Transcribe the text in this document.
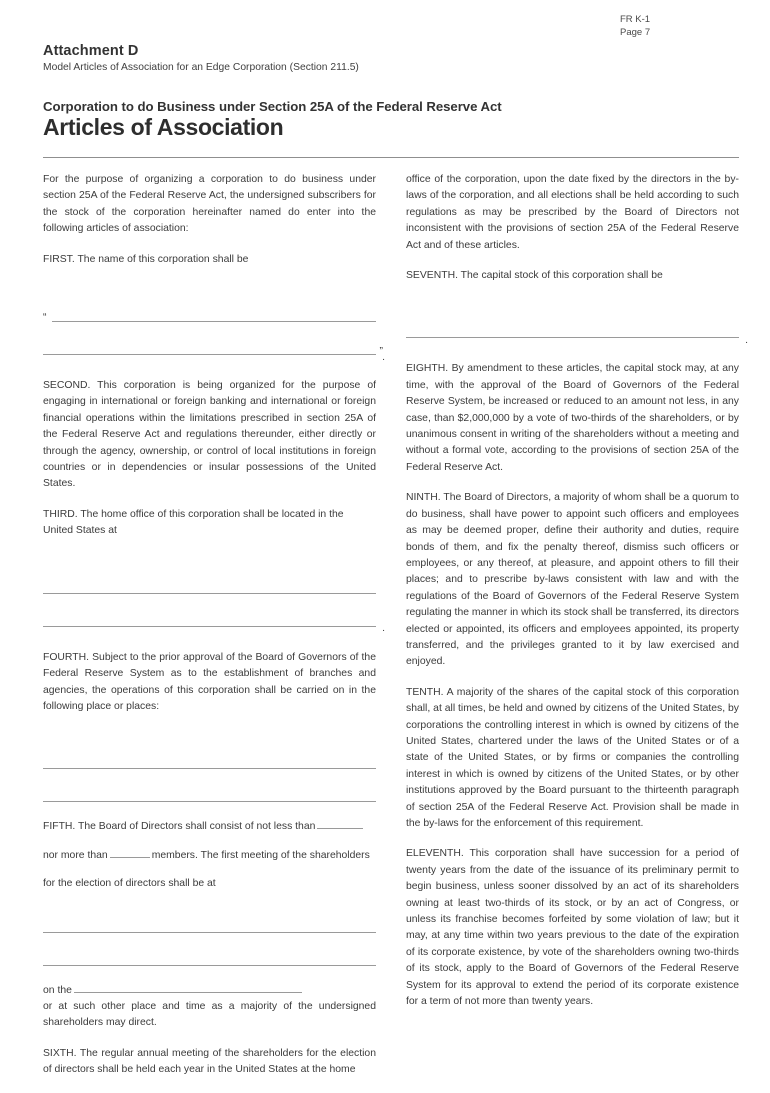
FR K-1
Page 7

Attachment D

Model Articles of Association for an Edge Corporation (Section 211.5)

Corporation to do Business under Section 25A of the Federal Reserve Act

Articles of Association

For the purpose of organizing a corporation to do business under section 25A of the Federal Reserve Act, the undersigned subscribers for the stock of the corporation hereinafter named do enter into the following articles of association:

FIRST. The name of this corporation shall be

“
”
.

SECOND. This corporation is being organized for the purpose of engaging in international or foreign banking and international or foreign financial operations within the limitations prescribed in section 25A of the Federal Reserve Act and regulations thereunder, either directly or through the agency, ownership, or control of local institutions in foreign countries or in dependencies or insular possessions of the United States.

THIRD. The home office of this corporation shall be located in the United States at

.

FOURTH. Subject to the prior approval of the Board of Governors of the Federal Reserve System as to the establishment of branches and agencies, the operations of this corporation shall be carried on in the following place or places:

FIFTH. The Board of Directors shall consist of not less than

nor more than	members. The first meeting of the shareholders

for the election of directors shall be at

on the

or at such other place and time as a majority of the undersigned shareholders may direct.

SIXTH. The regular annual meeting of the shareholders for the election of directors shall be held each year in the United States at the home

office of the corporation, upon the date fixed by the directors in the by-laws of the corporation, and all elections shall be held according to such regulations as may be prescribed by the Board of Directors not inconsistent with the provisions of section 25A of the Federal Reserve Act and of these articles.

SEVENTH. The capital stock of this corporation shall be

.

EIGHTH. By amendment to these articles, the capital stock may, at any time, with the approval of the Board of Governors of the Federal Reserve System, be increased or reduced to an amount not less, in any case, than $2,000,000 by a vote of two-thirds of the shareholders, or by unanimous consent in writing of the shareholders without a meeting and without a formal vote, according to the provisions of section 25A of the Federal Reserve Act.

NINTH. The Board of Directors, a majority of whom shall be a quorum to do business, shall have power to appoint such officers and employees as may be deemed proper, define their authority and duties, require bonds of them, and fix the penalty thereof, dismiss such officers or employees, or any thereof, at pleasure, and appoint others to fill their places; and to prescribe by-laws consistent with law and with the regulations of the Board of Governors of the Federal Reserve System regulating the manner in which its stock shall be transferred, its directors elected or appointed, its officers and employees appointed, its property transferred, and the privileges granted to it by law exercised and enjoyed.

TENTH. A majority of the shares of the capital stock of this corporation shall, at all times, be held and owned by citizens of the United States, by corporations the controlling interest in which is owned by citizens of the United States, chartered under the laws of the United States or of a state of the United States, or by firms or companies the controlling interest in which is owned by citizens of the United States, or by other institutions approved by the Board pursuant to the thirteenth paragraph of section 25A of the Federal Reserve Act. Provision shall be made in the by-laws for the enforcement of this requirement.

ELEVENTH. This corporation shall have succession for a period of twenty years from the date of the issuance of its preliminary permit to begin business, unless sooner dissolved by an act of its shareholders owning at least two-thirds of its stock, or by an act of Congress, or unless its franchise becomes forfeited by some violation of law; but it may, at any time within two years previous to the date of the expiration of its corporate existence, by vote of the shareholders owning two-thirds of its stock, apply to the Board of Governors of the Federal Reserve System for its approval to extend the period of its corporate existence for a term of not more than twenty years.
